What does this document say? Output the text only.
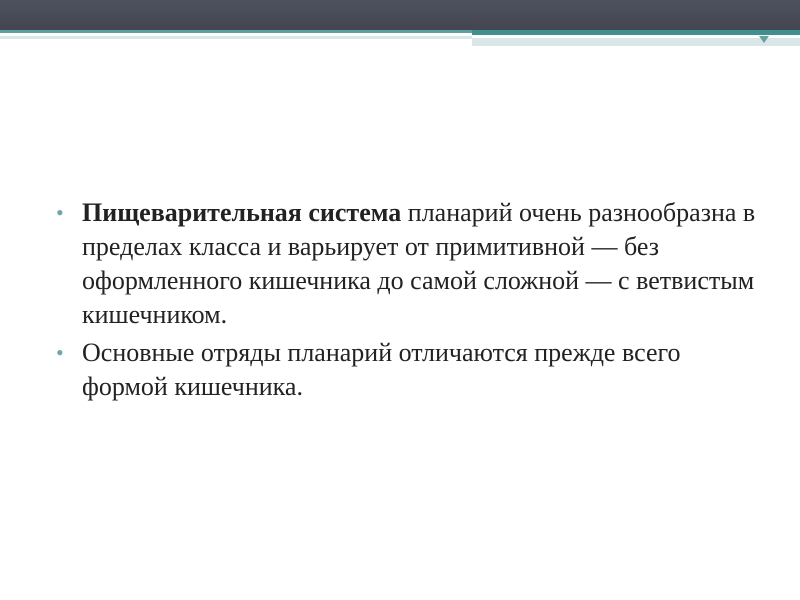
• Пищеварительная система планарий очень разнообразна в пределах класса и варьирует от примитивной — без оформленного кишечника до самой сложной — с ветвистым кишечником.
• Основные отряды планарий отличаются прежде всего формой кишечника.
